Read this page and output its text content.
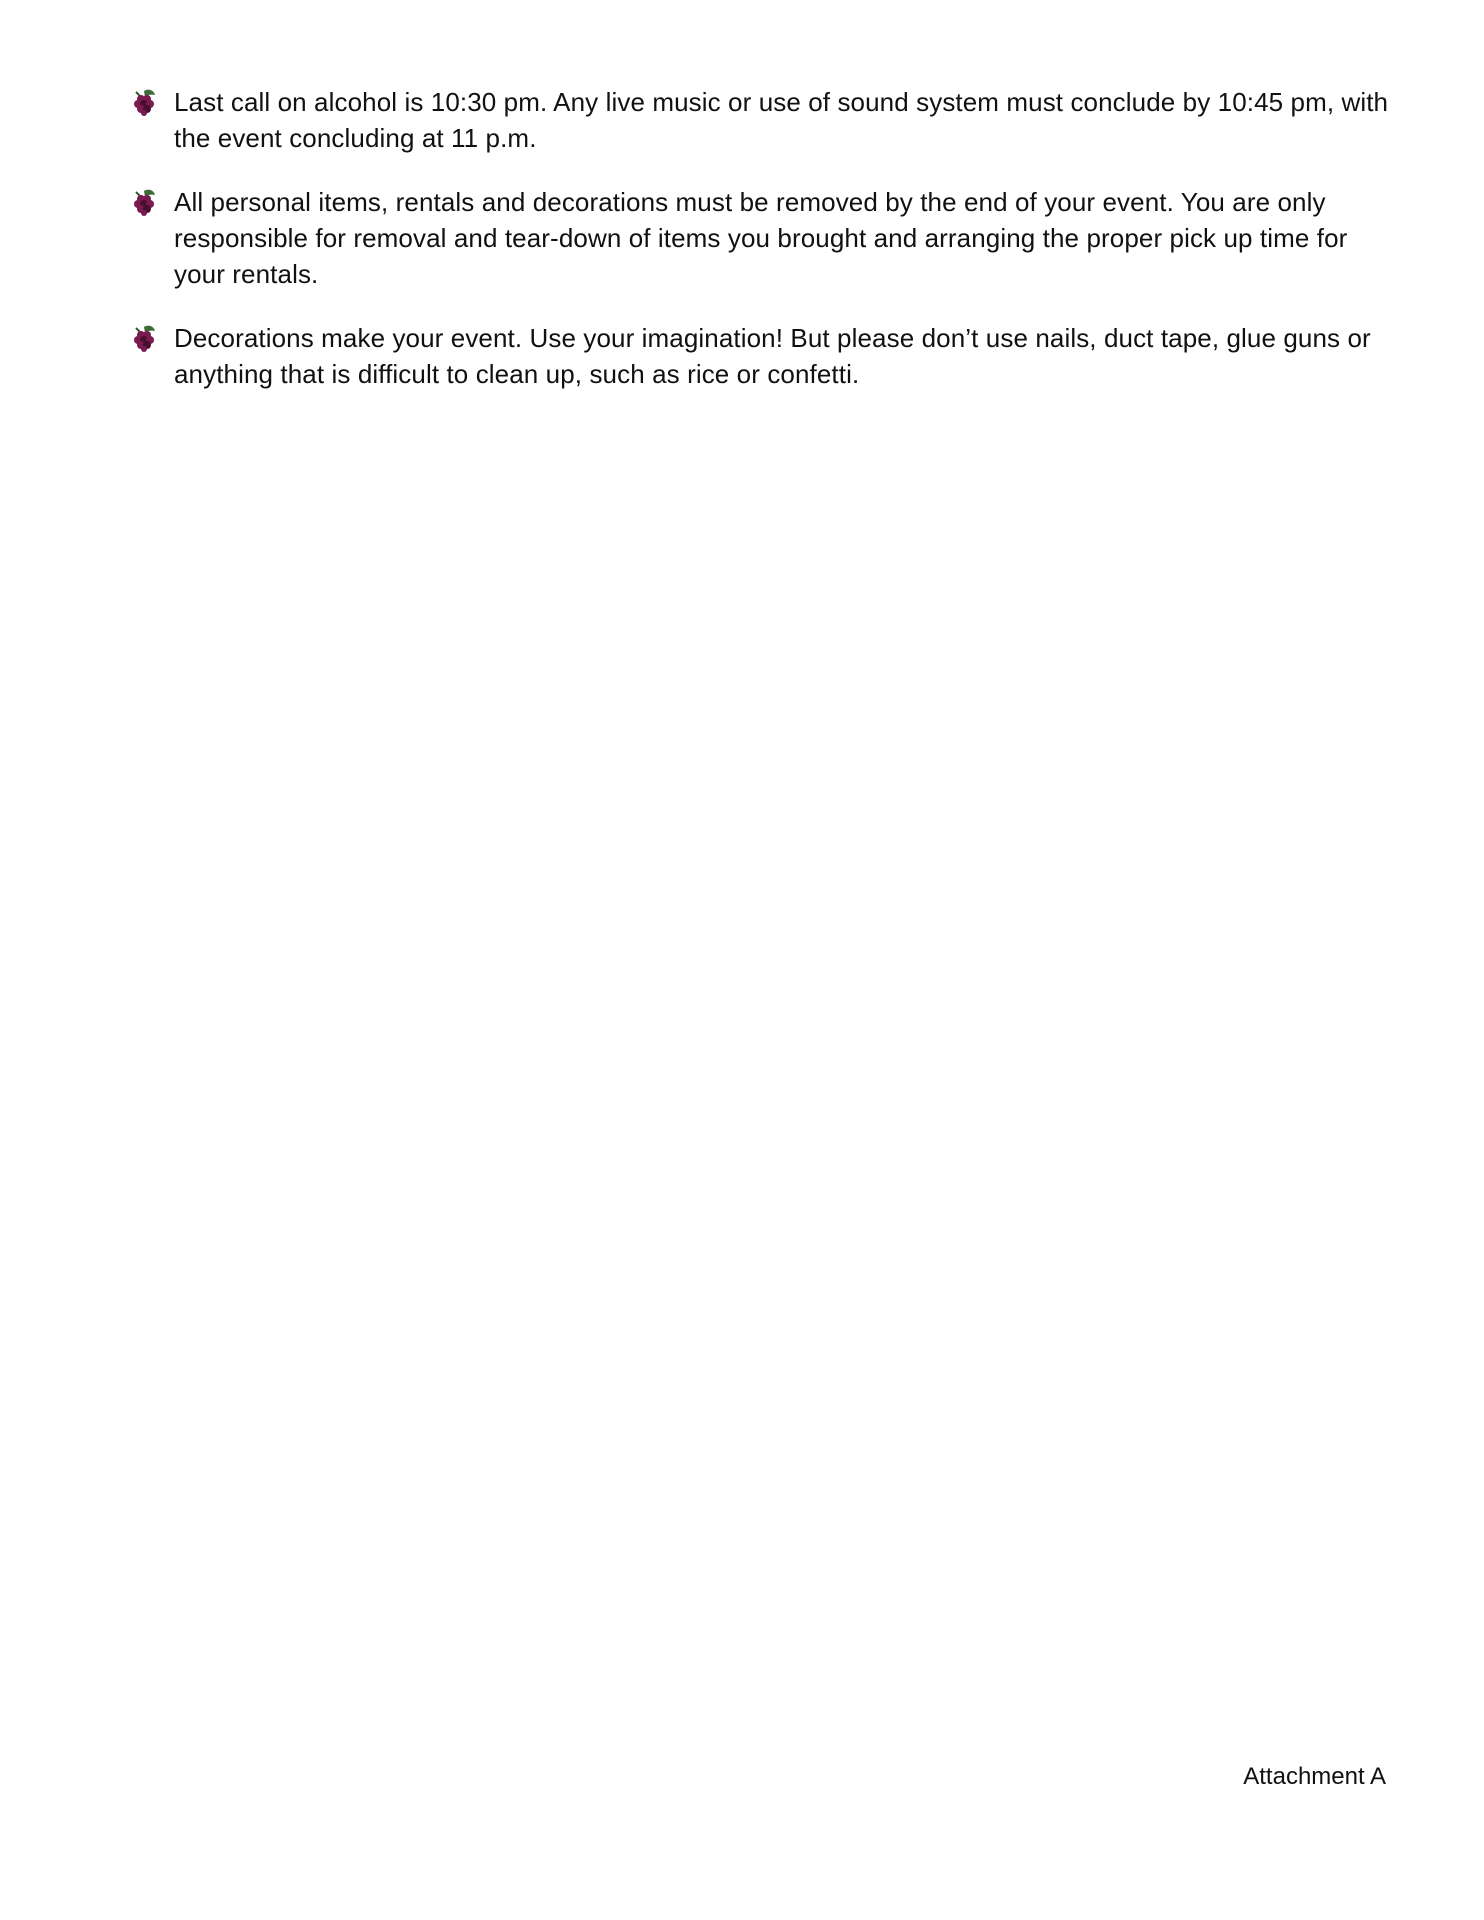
Last call on alcohol is 10:30 pm. Any live music or use of sound system must conclude by 10:45 pm, with the event concluding at 11 p.m.
All personal items, rentals and decorations must be removed by the end of your event. You are only responsible for removal and tear-down of items you brought and arranging the proper pick up time for your rentals.
Decorations make your event. Use your imagination! But please don’t use nails, duct tape, glue guns or anything that is difficult to clean up, such as rice or confetti.
Attachment A
